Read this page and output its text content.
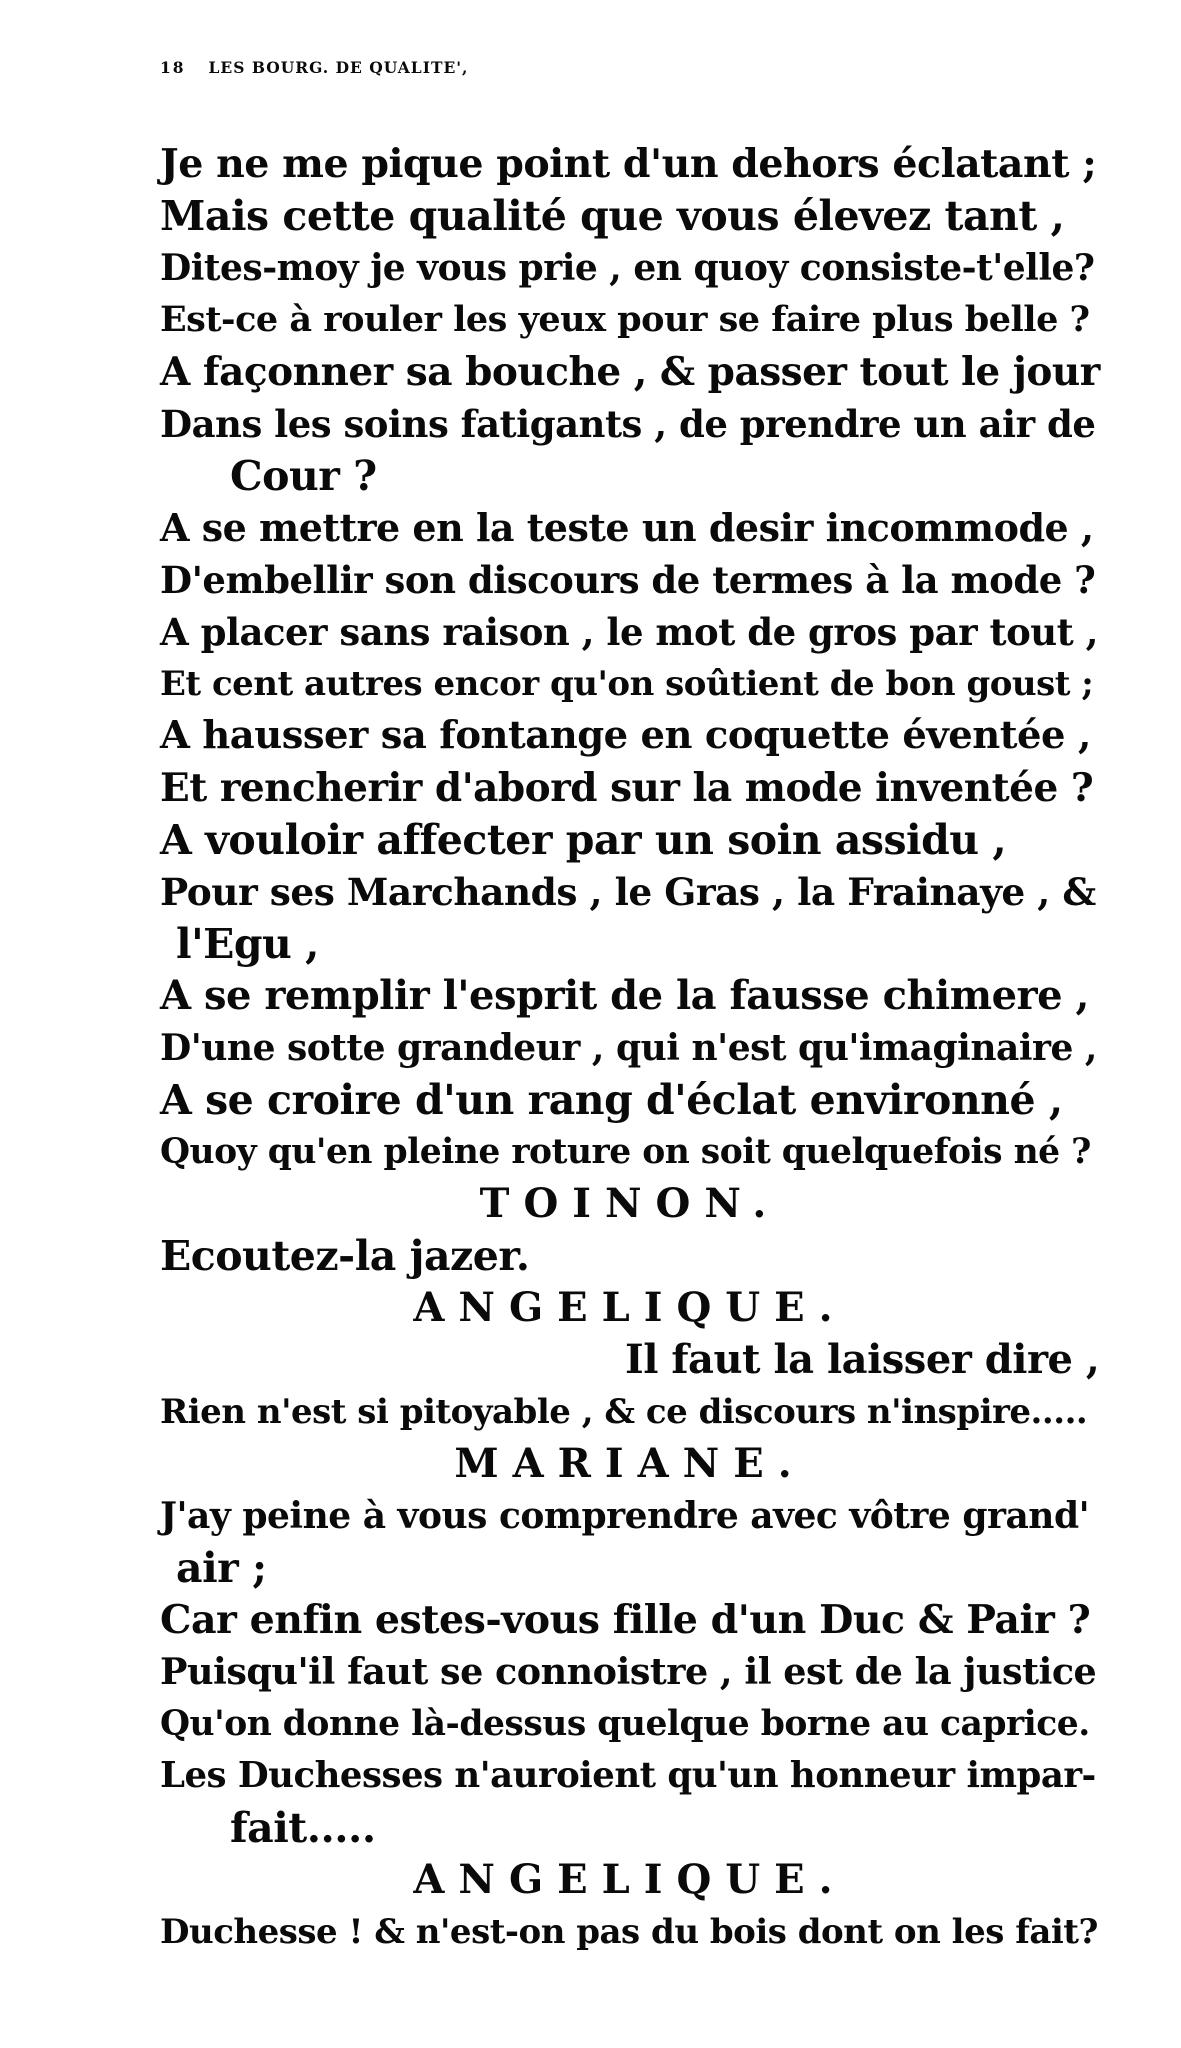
18 LES BOURG. DE QUALITE',
Je ne me pique point d'un dehors éclatant ;
Mais cette qualité que vous élevez tant ,
Dites-moy je vous prie , en quoy consiste-t'elle?
Est-ce à rouler les yeux pour se faire plus belle ?
A façonner sa bouche , & passer tout le jour
Dans les soins fatigants , de prendre un air de
Cour ?
A se mettre en la teste un desir incommode ,
D'embellir son discours de termes à la mode ?
A placer sans raison , le mot de gros par tout ,
Et cent autres encor qu'on soûtient de bon goust ;
A hausser sa fontange en coquette éventée ,
Et rencherir d'abord sur la mode inventée ?
A vouloir affecter par un soin assidu ,
Pour ses Marchands , le Gras , la Frainaye , &
l'Egu ,
A se remplir l'esprit de la fausse chimere ,
D'une sotte grandeur , qui n'est qu'imaginaire ,
A se croire d'un rang d'éclat environné ,
Quoy qu'en pleine roture on soit quelquefois né ?
TOINON.
Ecoutez-la jazer.
ANGELIQUE.
Il faut la laisser dire ,
Rien n'est si pitoyable , & ce discours n'inspire.....
MARIANE.
J'ay peine à vous comprendre avec vôtre grand'
air ;
Car enfin estes-vous fille d'un Duc & Pair ?
Puisqu'il faut se connoistre , il est de la justice
Qu'on donne là-dessus quelque borne au caprice.
Les Duchesses n'auroient qu'un honneur impar-
fait.....
ANGELIQUE.
Duchesse ! & n'est-on pas du bois dont on les fait?
